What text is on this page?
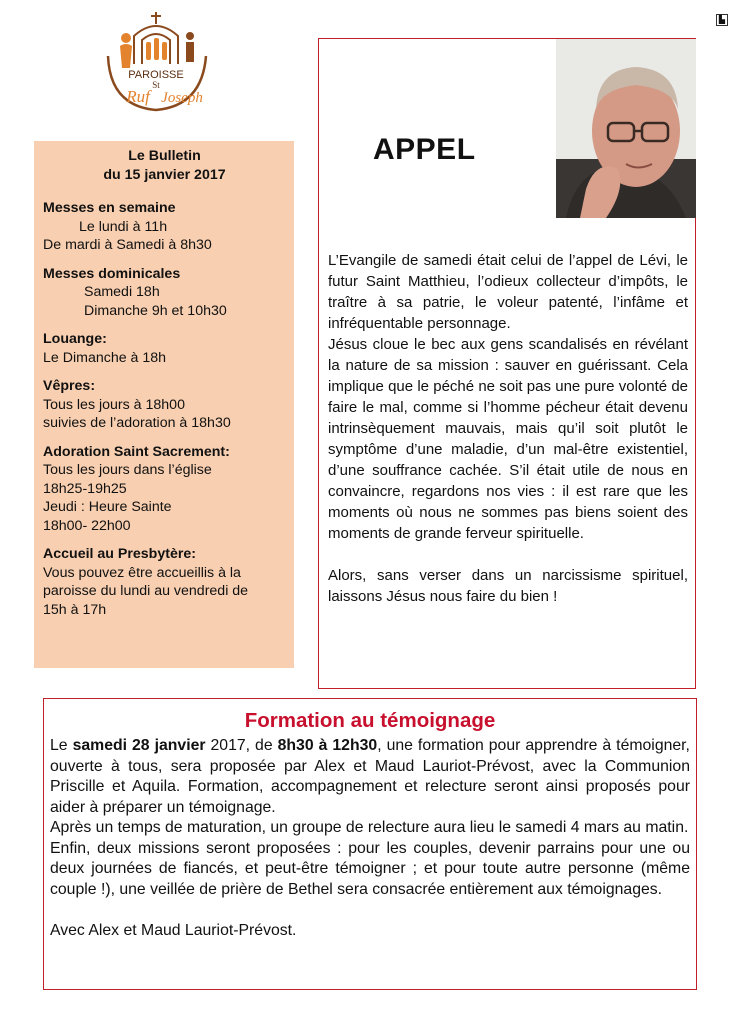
▙
PAROISSE
St
Ruf Joseph
Le Bulletin
du 15 janvier 2017
Messes en semaine
Le lundi à 11h
De mardi à Samedi à 8h30
Messes dominicales
Samedi 18h
Dimanche 9h et 10h30
Louange:
Le Dimanche à 18h
Vêpres:
Tous les jours à 18h00
suivies de l’adoration à 18h30
Adoration Saint Sacrement:
Tous les jours dans l’église
18h25-19h25
Jeudi : Heure Sainte
18h00- 22h00
Accueil au Presbytère:
Vous pouvez être accueillis à la
paroisse du lundi au vendredi de
15h à 17h
APPEL

L’Evangile de samedi était celui de l’appel de Lévi, le futur Saint Matthieu, l’odieux collecteur d’impôts, le traître à sa patrie, le voleur patenté, l’infâme et infréquentable personnage.

Jésus cloue le bec aux gens scandalisés en révélant la nature de sa mission : sauver en guérissant. Cela implique que le péché ne soit pas une pure volonté de faire le mal, comme si l’homme pécheur était devenu intrinsèquement mauvais, mais qu’il soit plutôt le symptôme d’une maladie, d’un mal-être existentiel, d’une souffrance cachée. S’il était utile de nous en convaincre, regardons nos vies : il est rare que les moments où nous ne sommes pas biens soient des moments de grande ferveur spirituelle.

Alors, sans verser dans un narcissisme spirituel, laissons Jésus nous faire du bien !

Formation au témoignage

Le samedi 28 janvier 2017, de 8h30 à 12h30, une formation pour apprendre à témoigner, ouverte à tous, sera proposée par Alex et Maud Lauriot-Prévost, avec la Communion Priscille et Aquila. Formation, accompagnement et relecture seront ainsi proposés pour aider à préparer un témoignage.

Après un temps de maturation, un groupe de relecture aura lieu le samedi 4 mars au matin.

Enfin, deux missions seront proposées : pour les couples, devenir parrains pour une ou deux journées de fiancés, et peut-être témoigner ; et pour toute autre personne (même couple !), une veillée de prière de Bethel sera consacrée entièrement aux témoignages.

Avec Alex et Maud Lauriot-Prévost.
